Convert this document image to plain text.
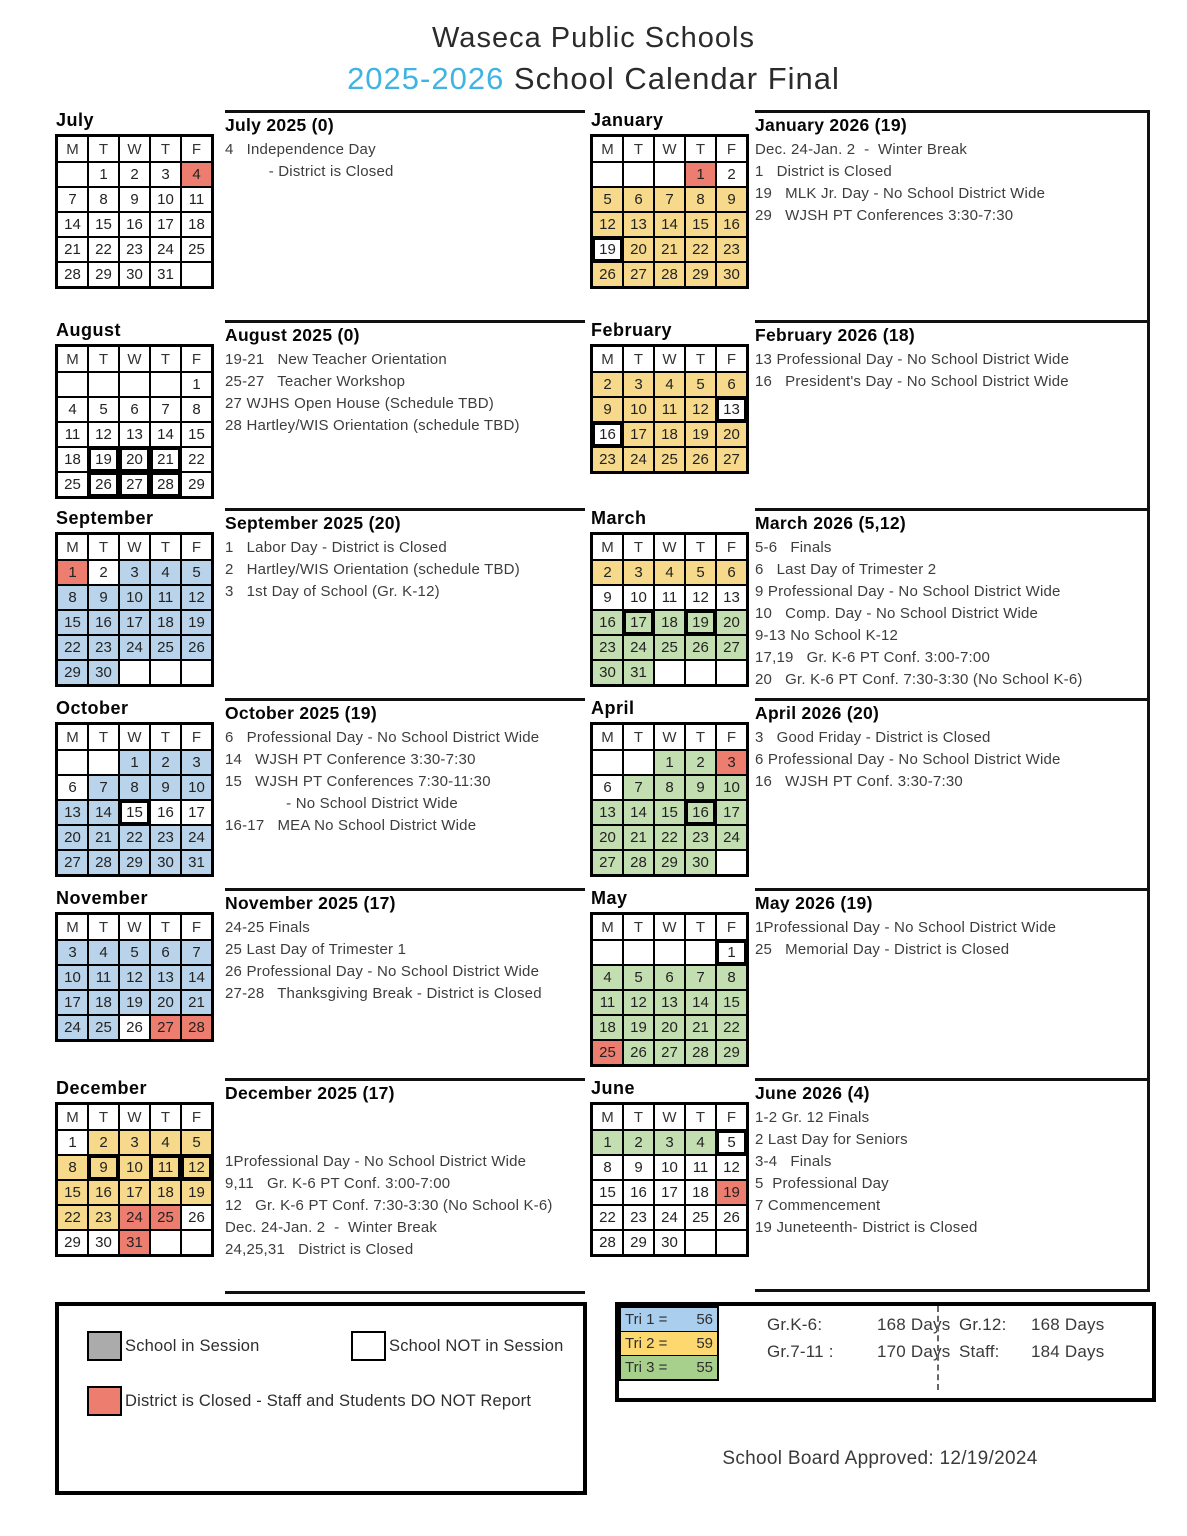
Waseca Public Schools
2025-2026 School Calendar Final
July
M	T	W	T	F
	1	2	3	4
7	8	9	10	11
14	15	16	17	18
21	22	23	24	25
28	29	30	31	
July 2025 (0)
4   Independence Day
- District is Closed
January
M	T	W	T	F
			1	2
5	6	7	8	9
12	13	14	15	16
19	20	21	22	23
26	27	28	29	30
January 2026 (19)
Dec. 24-Jan. 2  -  Winter Break
1   District is Closed
19   MLK Jr. Day - No School District Wide
29   WJSH PT Conferences 3:30-7:30
August
M	T	W	T	F
				1
4	5	6	7	8
11	12	13	14	15
18	19	20	21	22
25	26	27	28	29
August 2025 (0)
19-21   New Teacher Orientation
25-27   Teacher Workshop
27 WJHS Open House (Schedule TBD)
28 Hartley/WIS Orientation (schedule TBD)
February
M	T	W	T	F
2	3	4	5	6
9	10	11	12	13
16	17	18	19	20
23	24	25	26	27
February 2026 (18)
13 Professional Day - No School District Wide
16   President's Day - No School District Wide
September
M	T	W	T	F
1	2	3	4	5
8	9	10	11	12
15	16	17	18	19
22	23	24	25	26
29	30			
September 2025 (20)
1   Labor Day - District is Closed
2   Hartley/WIS Orientation (schedule TBD)
3   1st Day of School (Gr. K-12)
March
M	T	W	T	F
2	3	4	5	6
9	10	11	12	13
16	17	18	19	20
23	24	25	26	27
30	31			
March 2026 (5,12)
5-6   Finals
6   Last Day of Trimester 2
9 Professional Day - No School District Wide
10   Comp. Day - No School District Wide
9-13 No School K-12
17,19   Gr. K-6 PT Conf. 3:00-7:00
20   Gr. K-6 PT Conf. 7:30-3:30 (No School K-6)
October
M	T	W	T	F
		1	2	3
6	7	8	9	10
13	14	15	16	17
20	21	22	23	24
27	28	29	30	31
October 2025 (19)
6   Professional Day - No School District Wide
14   WJSH PT Conference 3:30-7:30
15   WJSH PT Conferences 7:30-11:30
- No School District Wide
16-17   MEA No School District Wide
April
M	T	W	T	F
		1	2	3
6	7	8	9	10
13	14	15	16	17
20	21	22	23	24
27	28	29	30	
April 2026 (20)
3   Good Friday - District is Closed
6 Professional Day - No School District Wide
16   WJSH PT Conf. 3:30-7:30
November
M	T	W	T	F
3	4	5	6	7
10	11	12	13	14
17	18	19	20	21
24	25	26	27	28
November 2025 (17)
24-25 Finals
25 Last Day of Trimester 1
26 Professional Day - No School District Wide
27-28   Thanksgiving Break - District is Closed
May
M	T	W	T	F
				1
4	5	6	7	8
11	12	13	14	15
18	19	20	21	22
25	26	27	28	29
May 2026 (19)
1Professional Day - No School District Wide
25   Memorial Day - District is Closed
December
M	T	W	T	F
1	2	3	4	5
8	9	10	11	12
15	16	17	18	19
22	23	24	25	26
29	30	31		
December 2025 (17)
1Professional Day - No School District Wide
9,11   Gr. K-6 PT Conf. 3:00-7:00
12   Gr. K-6 PT Conf. 7:30-3:30 (No School K-6)
Dec. 24-Jan. 2  -  Winter Break
24,25,31   District is Closed
June
M	T	W	T	F
1	2	3	4	5
8	9	10	11	12
15	16	17	18	19
22	23	24	25	26
28	29	30		
June 2026 (4)
1-2 Gr. 12 Finals
2 Last Day for Seniors
3-4   Finals
5  Professional Day
7 Commencement
19 Juneteenth- District is Closed
School in Session	School NOT in Session
District is Closed - Staff and Students DO NOT Report
Tri 1 = 56
Tri 2 = 59
Tri 3 = 55
Gr.K-6:	168 Days
Gr.7-11 :	170 Days
Gr.12:	168 Days
Staff:	184 Days
School Board Approved: 12/19/2024
